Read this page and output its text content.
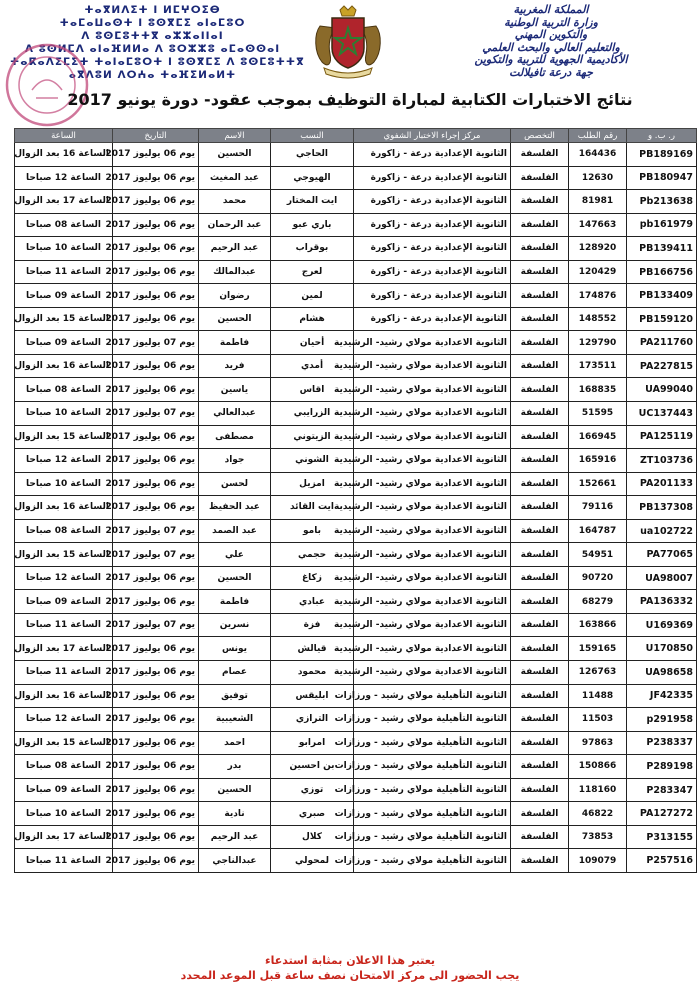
المملكة المغربية
وزارة التربية الوطنية
والتكوين المهني
والتعليم العالي والبحث العلمي
الأكاديمية الجهوية للتربية والتكوين
جهة درعة تافيلالت
ⵜⴰⴳⵍⴷⵉⵜ ⵏ ⵍⵎⵖⵔⵉⴱ
ⵜⴰⵎⴰⵡⴰⵙⵜ ⵏ ⵓⵙⴳⵎⵉ ⴰⵏⴰⵎⵓⵔ
ⴷ ⵓⵙⵎⵓⵜⵜⴳ ⴰⵣⵣⴰⵏⵏⴰⵏ
ⴷ ⵓⵙⵍⵎⴷ ⴰⵏⴰⴼⵍⵍⴰ ⴷ ⵓⵔⵣⵣⵓ ⴰⵎⴰⵙⵙⴰⵏ
ⵜⴰⴽⴰⴷⵉⵎⵉⵜ ⵜⴰⵏⴰⵎⵓⵔⵜ ⵏ ⵓⵙⴳⵎⵉ ⴷ ⵓⵙⵎⵓⵜⵜⴳ
ⴰⴳⴷⵓⵍ ⴷⵔⵄⴰ ⵜⴰⴼⵉⵍⴰⵍⵜ
نتائج الاختبارات الكتابية لمباراة التوظيف بموجب عقود- دورة يونيو 2017
ر. ب. و	رقم الطلب	التخصص	مركز إجراء الاختبار الشفوي	النسب	الاسم	التاريخ	الساعة
PB189169	164436	الفلسفة	الثانوية الإعدادية درعة - زاكورة	الحاجي	الحسين	يوم 06 يوليوز 2017	الساعة 16 بعد الزوال
PB180947	12630	الفلسفة	الثانوية الإعدادية درعة - زاكورة	الهيوجي	عبد المغيث	يوم 06 يوليوز 2017	الساعة 12 صباحا
Pb213638	81981	الفلسفة	الثانوية الإعدادية درعة - زاكورة	ايت المختار	محمد	يوم 06 يوليوز 2017	الساعة 17 بعد الزوال
pb161979	147663	الفلسفة	الثانوية الإعدادية درعة - زاكورة	باري عبو	عبد الرحمان	يوم 06 يوليوز 2017	الساعة 08 صباحا
PB139411	128920	الفلسفة	الثانوية الإعدادية درعة - زاكورة	بوقراب	عبد الرحيم	يوم 06 يوليوز 2017	الساعة 10 صباحا
PB166756	120429	الفلسفة	الثانوية الإعدادية درعة - زاكورة	لعرج	عبدالمالك	يوم 06 يوليوز 2017	الساعة 11 صباحا
PB133409	174876	الفلسفة	الثانوية الإعدادية درعة - زاكورة	لمين	رضوان	يوم 06 يوليوز 2017	الساعة 09 صباحا
PB159120	148552	الفلسفة	الثانوية الإعدادية درعة - زاكورة	هشام	الحسين	يوم 06 يوليوز 2017	الساعة 15 بعد الزوال
PA211760	129790	الفلسفة	الثانوية الاعدادية مولاي رشيد- الرشيدية	أحيان	فاطمة	يوم 07 يوليوز 2017	الساعة 09 صباحا
PA227815	173511	الفلسفة	الثانوية الاعدادية مولاي رشيد- الرشيدية	أمدي	فريد	يوم 06 يوليوز 2017	الساعة 16 بعد الزوال
UA99040	168835	الفلسفة	الثانوية الاعدادية مولاي رشيد- الرشيدية	اقاس	ياسين	يوم 06 يوليوز 2017	الساعة 08 صباحا
UC137443	51595	الفلسفة	الثانوية الاعدادية مولاي رشيد- الرشيدية	الزرايبي	عبدالعالي	يوم 07 يوليوز 2017	الساعة 10 صباحا
PA125119	166945	الفلسفة	الثانوية الاعدادية مولاي رشيد- الرشيدية	الزيتوني	مصطفى	يوم 06 يوليوز 2017	الساعة 15 بعد الزوال
ZT103736	165916	الفلسفة	الثانوية الاعدادية مولاي رشيد- الرشيدية	الشوني	جواد	يوم 06 يوليوز 2017	الساعة 12 صباحا
PA201133	152661	الفلسفة	الثانوية الاعدادية مولاي رشيد- الرشيدية	امزيل	لحسن	يوم 06 يوليوز 2017	الساعة 10 صباحا
PB137308	79116	الفلسفة	الثانوية الاعدادية مولاي رشيد- الرشيدية	ايت القائد	عبد الحفيظ	يوم 06 يوليوز 2017	الساعة 16 بعد الزوال
ua102722	164787	الفلسفة	الثانوية الاعدادية مولاي رشيد- الرشيدية	بامو	عبد الصمد	يوم 07 يوليوز 2017	الساعة 08 صباحا
PA77065	54951	الفلسفة	الثانوية الاعدادية مولاي رشيد- الرشيدية	حجمي	علي	يوم 07 يوليوز 2017	الساعة 15 بعد الزوال
UA98007	90720	الفلسفة	الثانوية الاعدادية مولاي رشيد- الرشيدية	زكاغ	الحسين	يوم 06 يوليوز 2017	الساعة 12 صباحا
PA136332	68279	الفلسفة	الثانوية الاعدادية مولاي رشيد- الرشيدية	عبادي	فاطمة	يوم 06 يوليوز 2017	الساعة 09 صباحا
U169369	163866	الفلسفة	الثانوية الاعدادية مولاي رشيد- الرشيدية	فزة	نسرين	يوم 07 يوليوز 2017	الساعة 11 صباحا
U170850	159165	الفلسفة	الثانوية الاعدادية مولاي رشيد- الرشيدية	قيالش	يونس	يوم 06 يوليوز 2017	الساعة 17 بعد الزوال
UA98658	126763	الفلسفة	الثانوية الاعدادية مولاي رشيد- الرشيدية	محمود	عصام	يوم 06 يوليوز 2017	الساعة 11 صباحا
JF42335	11488	الفلسفة	الثانوية التأهيلية مولاي رشيد - ورزازات	ابليقس	توفيق	يوم 06 يوليوز 2017	الساعة 16 بعد الزوال
p291958	11503	الفلسفة	الثانوية التأهيلية مولاي رشيد - ورزازات	الترازي	الشعيبية	يوم 06 يوليوز 2017	الساعة 12 صباحا
P238337	97863	الفلسفة	الثانوية التأهيلية مولاي رشيد - ورزازات	امرابو	احمد	يوم 06 يوليوز 2017	الساعة 15 بعد الزوال
P289198	150866	الفلسفة	الثانوية التأهيلية مولاي رشيد - ورزازات	بن احسين	بدر	يوم 06 يوليوز 2017	الساعة 08 صباحا
P283347	118160	الفلسفة	الثانوية التأهيلية مولاي رشيد - ورزازات	توزي	الحسين	يوم 06 يوليوز 2017	الساعة 09 صباحا
PA127272	46822	الفلسفة	الثانوية التأهيلية مولاي رشيد - ورزازات	صبري	نادية	يوم 06 يوليوز 2017	الساعة 10 صباحا
P313155	73853	الفلسفة	الثانوية التأهيلية مولاي رشيد - ورزازات	كلال	عبد الرحيم	يوم 06 يوليوز 2017	الساعة 17 بعد الزوال
P257516	109079	الفلسفة	الثانوية التأهيلية مولاي رشيد - ورزازات	لمحولي	عبدالناجي	يوم 06 يوليوز 2017	الساعة 11 صباحا
يعتبر هذا الاعلان بمثابة استدعاء
يجب الحضور الى مركز الامتحان نصف ساعة قبل الموعد المحدد
